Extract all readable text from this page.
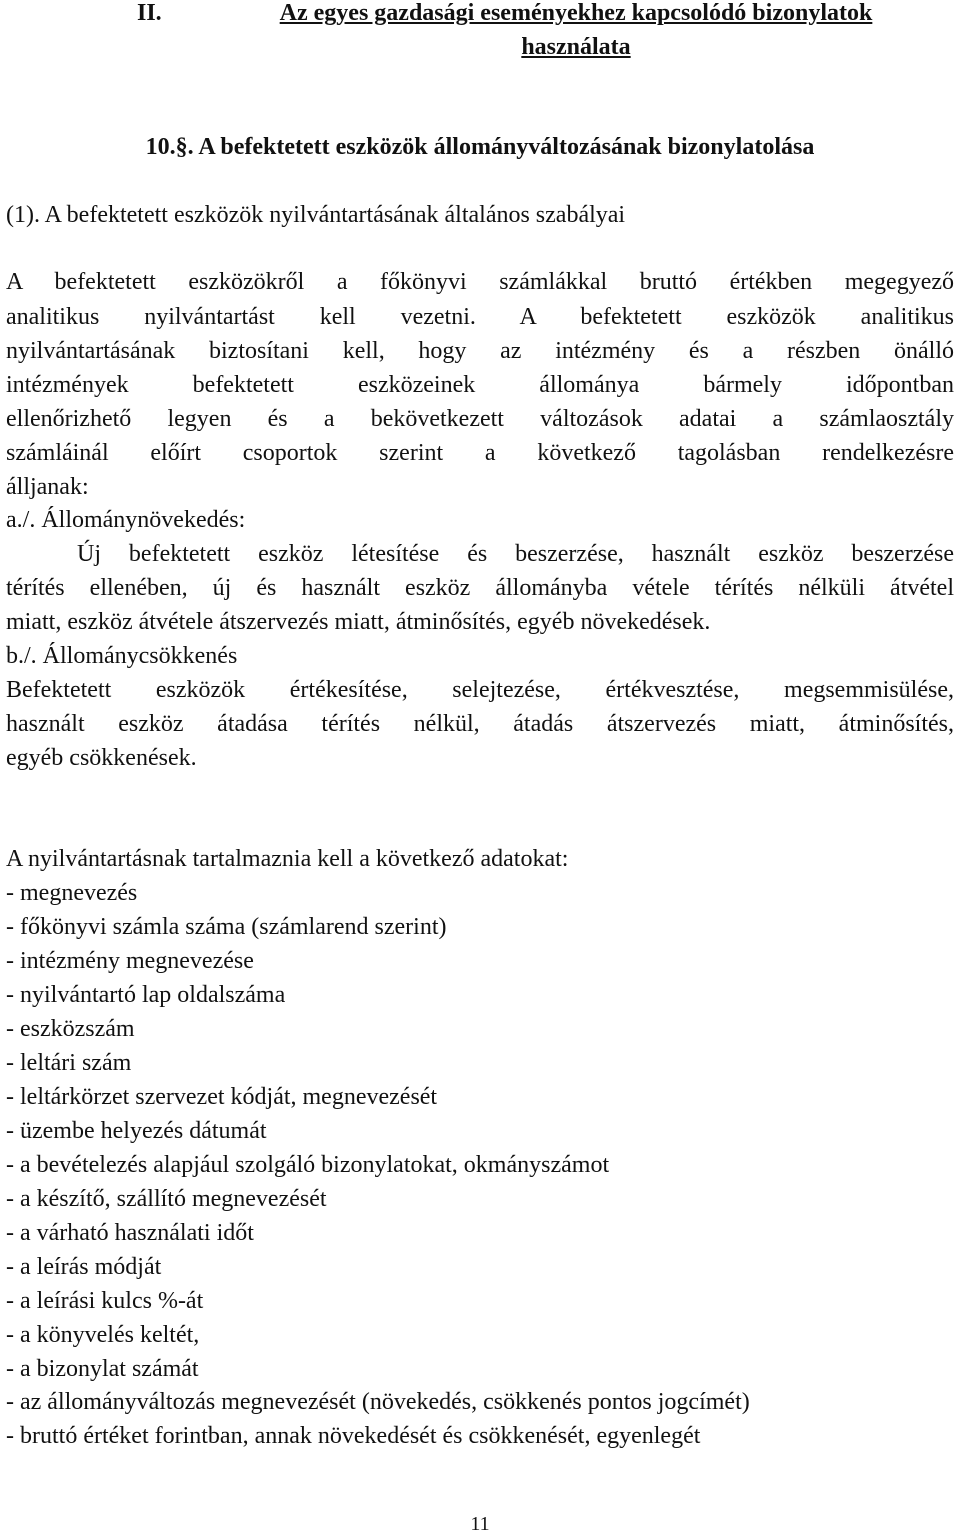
II.	Az egyes gazdasági eseményekhez kapcsolódó bizonylatok
használata
10.§. A befektetett eszközök állományváltozásának bizonylatolása
(1). A befektetett eszközök nyilvántartásának általános szabályai
A befektetett eszközökről a főkönyvi számlákkal bruttó értékben megegyező
analitikus nyilvántartást kell vezetni. A befektetett eszközök analitikus
nyilvántartásának biztosítani kell, hogy az intézmény és a részben önálló
intézmények befektetett eszközeinek állománya bármely időpontban
ellenőrizhető legyen és a bekövetkezett változások adatai a számlaosztály
számláinál előírt csoportok szerint a következő tagolásban rendelkezésre
álljanak:
a./. Állománynövekedés:
Új befektetett eszköz létesítése és beszerzése, használt eszköz beszerzése
térítés ellenében, új és használt eszköz állományba vétele térítés nélküli átvétel
miatt, eszköz átvétele átszervezés miatt, átminősítés, egyéb növekedések.
b./. Állománycsökkenés
Befektetett eszközök értékesítése, selejtezése, értékvesztése, megsemmisülése,
használt eszköz átadása térítés nélkül, átadás átszervezés miatt, átminősítés,
egyéb csökkenések.
A nyilvántartásnak tartalmaznia kell a következő adatokat:
- megnevezés
- főkönyvi számla száma (számlarend szerint)
- intézmény megnevezése
- nyilvántartó lap oldalszáma
- eszközszám
- leltári szám
- leltárkörzet szervezet kódját, megnevezését
- üzembe helyezés dátumát
- a bevételezés alapjául szolgáló bizonylatokat, okmányszámot
- a készítő, szállító megnevezését
- a várható használati időt
- a leírás módját
- a leírási kulcs %-át
- a könyvelés keltét,
- a bizonylat számát
- az állományváltozás megnevezését (növekedés, csökkenés pontos jogcímét)
- bruttó értéket forintban, annak növekedését és csökkenését, egyenlegét
11
